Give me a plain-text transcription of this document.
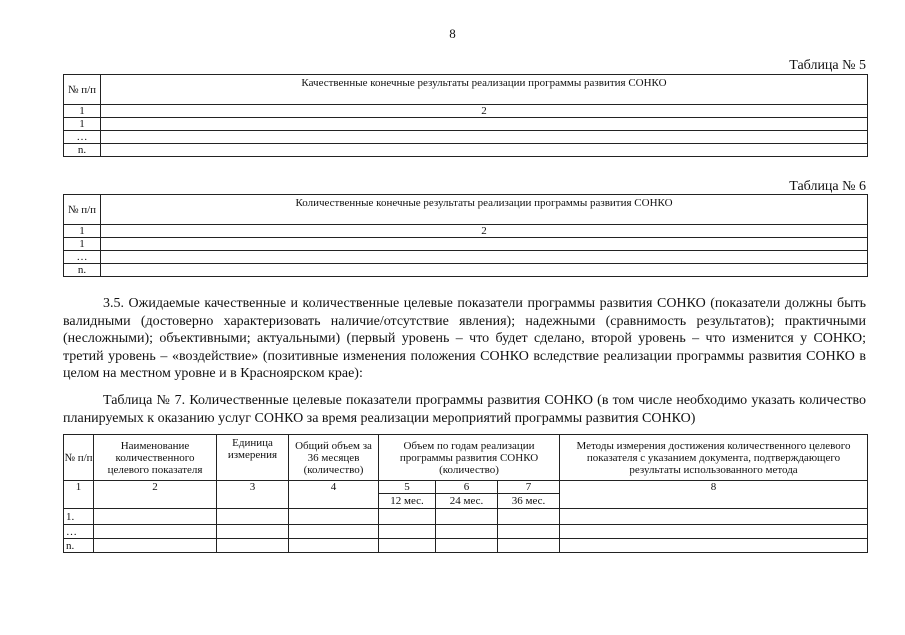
8
Таблица № 5
№ п/п	Качественные конечные результаты реализации программы развития СОНКО
1	2
1	
…	
n.	
Таблица № 6
№ п/п	Количественные конечные результаты реализации программы развития СОНКО
1	2
1	
…	
n.	
3.5. Ожидаемые качественные и количественные целевые показатели программы развития СОНКО (показатели должны быть валидными (достоверно характеризовать наличие/отсутствие явления); надежными (сравнимость результатов); практичными (несложными); объективными; актуальными) (первый уровень – что будет сделано, второй уровень – что изменится у СОНКО; третий уровень – «воздействие» (позитивные изменения положения СОНКО вследствие реализации программы развития СОНКО в целом на местном уровне и в Красноярском крае):
Таблица № 7. Количественные целевые показатели программы развития СОНКО (в том числе необходимо указать количество планируемых к оказанию услуг СОНКО за время реализации мероприятий программы развития СОНКО)
№ п/п	Наименование количественного целевого показателя	Единица измерения	Общий объем за 36 месяцев (количество)	Объем по годам реализации программы развития СОНКО (количество)			Методы измерения достижения количественного целевого показателя с указанием документа, подтверждающего результаты использованного метода
1	2	3	4	5	6	7	8
				12 мес.	24 мес.	36 мес.	
1.							
…							
n.							
